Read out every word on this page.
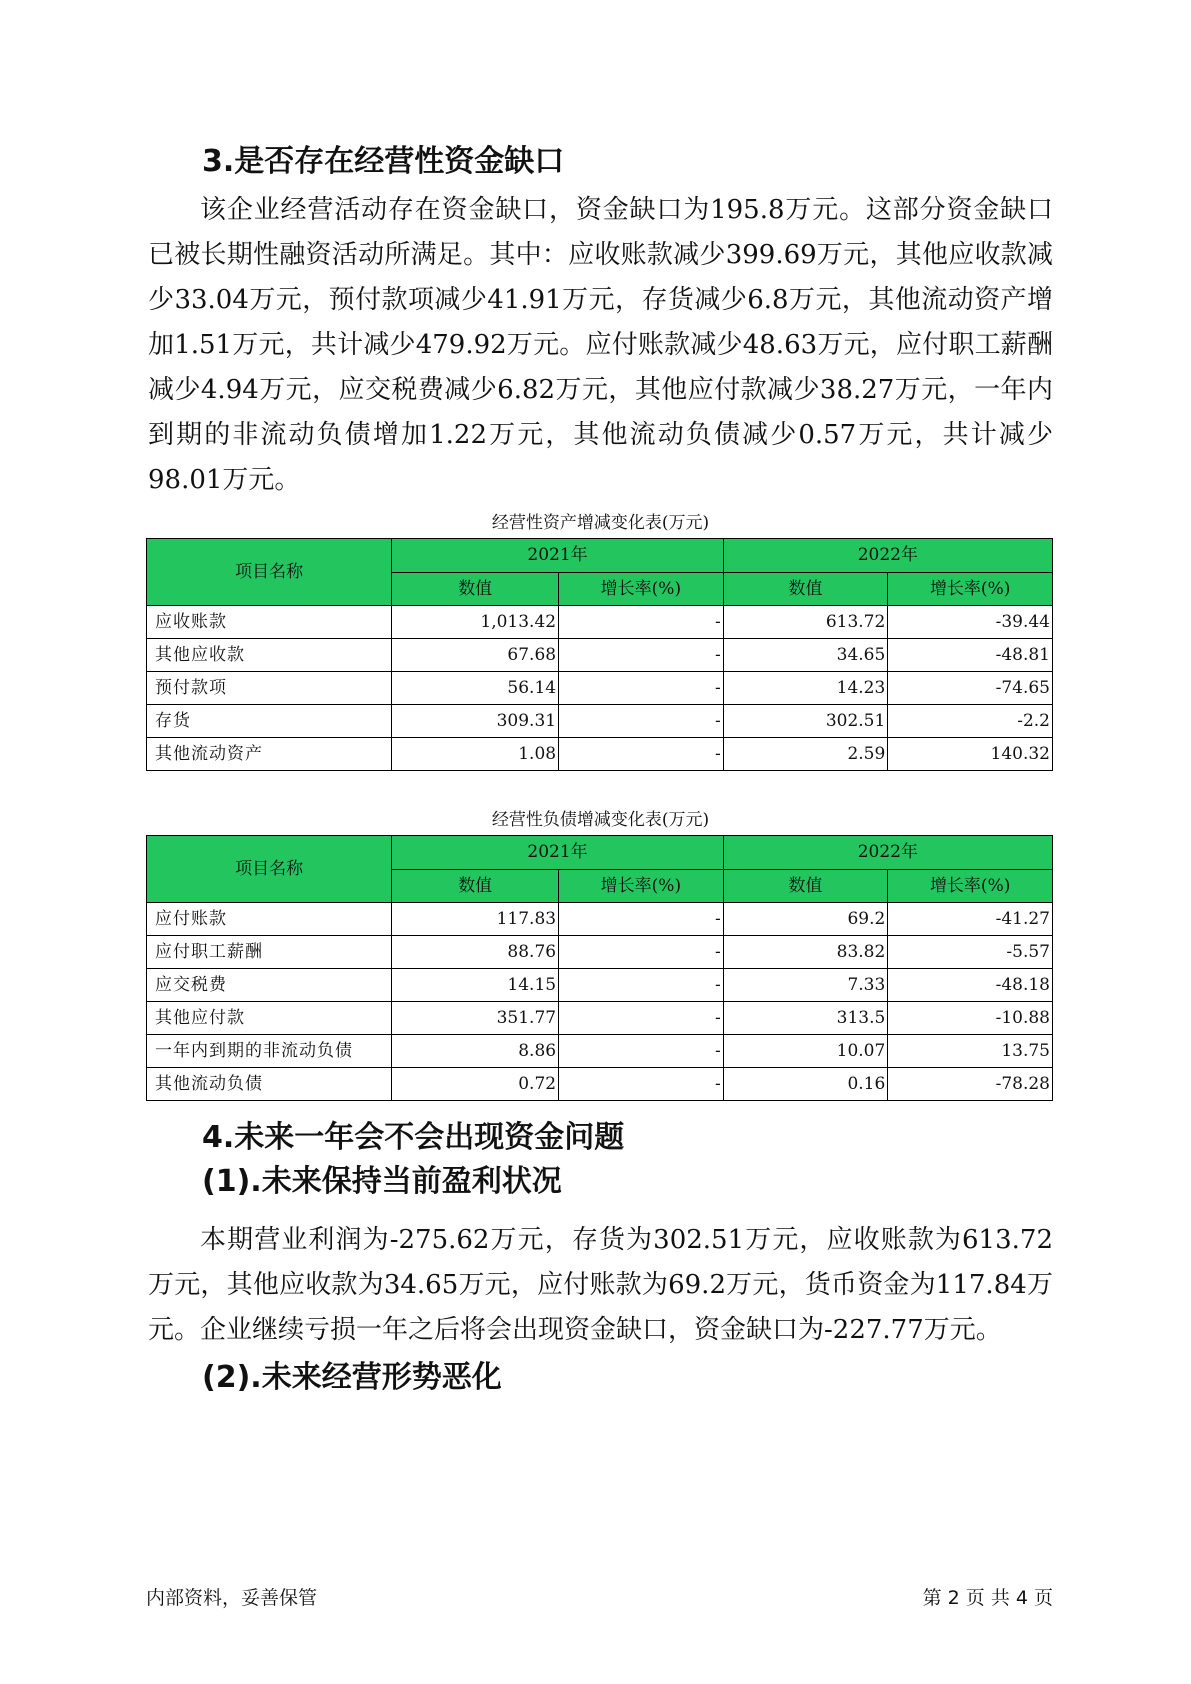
3.是否存在经营性资金缺口

该企业经营活动存在资金缺口，资金缺口为195.8万元。这部分资金缺口已被长期性融资活动所满足。其中：应收账款减少399.69万元，其他应收款减少33.04万元，预付款项减少41.91万元，存货减少6.8万元，其他流动资产增加1.51万元，共计减少479.92万元。应付账款减少48.63万元，应付职工薪酬减少4.94万元，应交税费减少6.82万元，其他应付款减少38.27万元，一年内到期的非流动负债增加1.22万元，其他流动负债减少0.57万元，共计减少98.01万元。

经营性资产增减变化表(万元)
项目名称	2021年		2022年	
	数值	增长率(%)	数值	增长率(%)
应收账款	1,013.42	-	613.72	-39.44
其他应收款	67.68	-	34.65	-48.81
预付款项	56.14	-	14.23	-74.65
存货	309.31	-	302.51	-2.2
其他流动资产	1.08	-	2.59	140.32
经营性负债增减变化表(万元)
项目名称	2021年		2022年	
	数值	增长率(%)	数值	增长率(%)
应付账款	117.83	-	69.2	-41.27
应付职工薪酬	88.76	-	83.82	-5.57
应交税费	14.15	-	7.33	-48.18
其他应付款	351.77	-	313.5	-10.88
一年内到期的非流动负债	8.86	-	10.07	13.75
其他流动负债	0.72	-	0.16	-78.28
4.未来一年会不会出现资金问题
(1).未来保持当前盈利状况

本期营业利润为-275.62万元，存货为302.51万元，应收账款为613.72万元，其他应收款为34.65万元，应付账款为69.2万元，货币资金为117.84万元。企业继续亏损一年之后将会出现资金缺口，资金缺口为-227.77万元。

(2).未来经营形势恶化
内部资料，妥善保管	第 2 页 共 4 页
